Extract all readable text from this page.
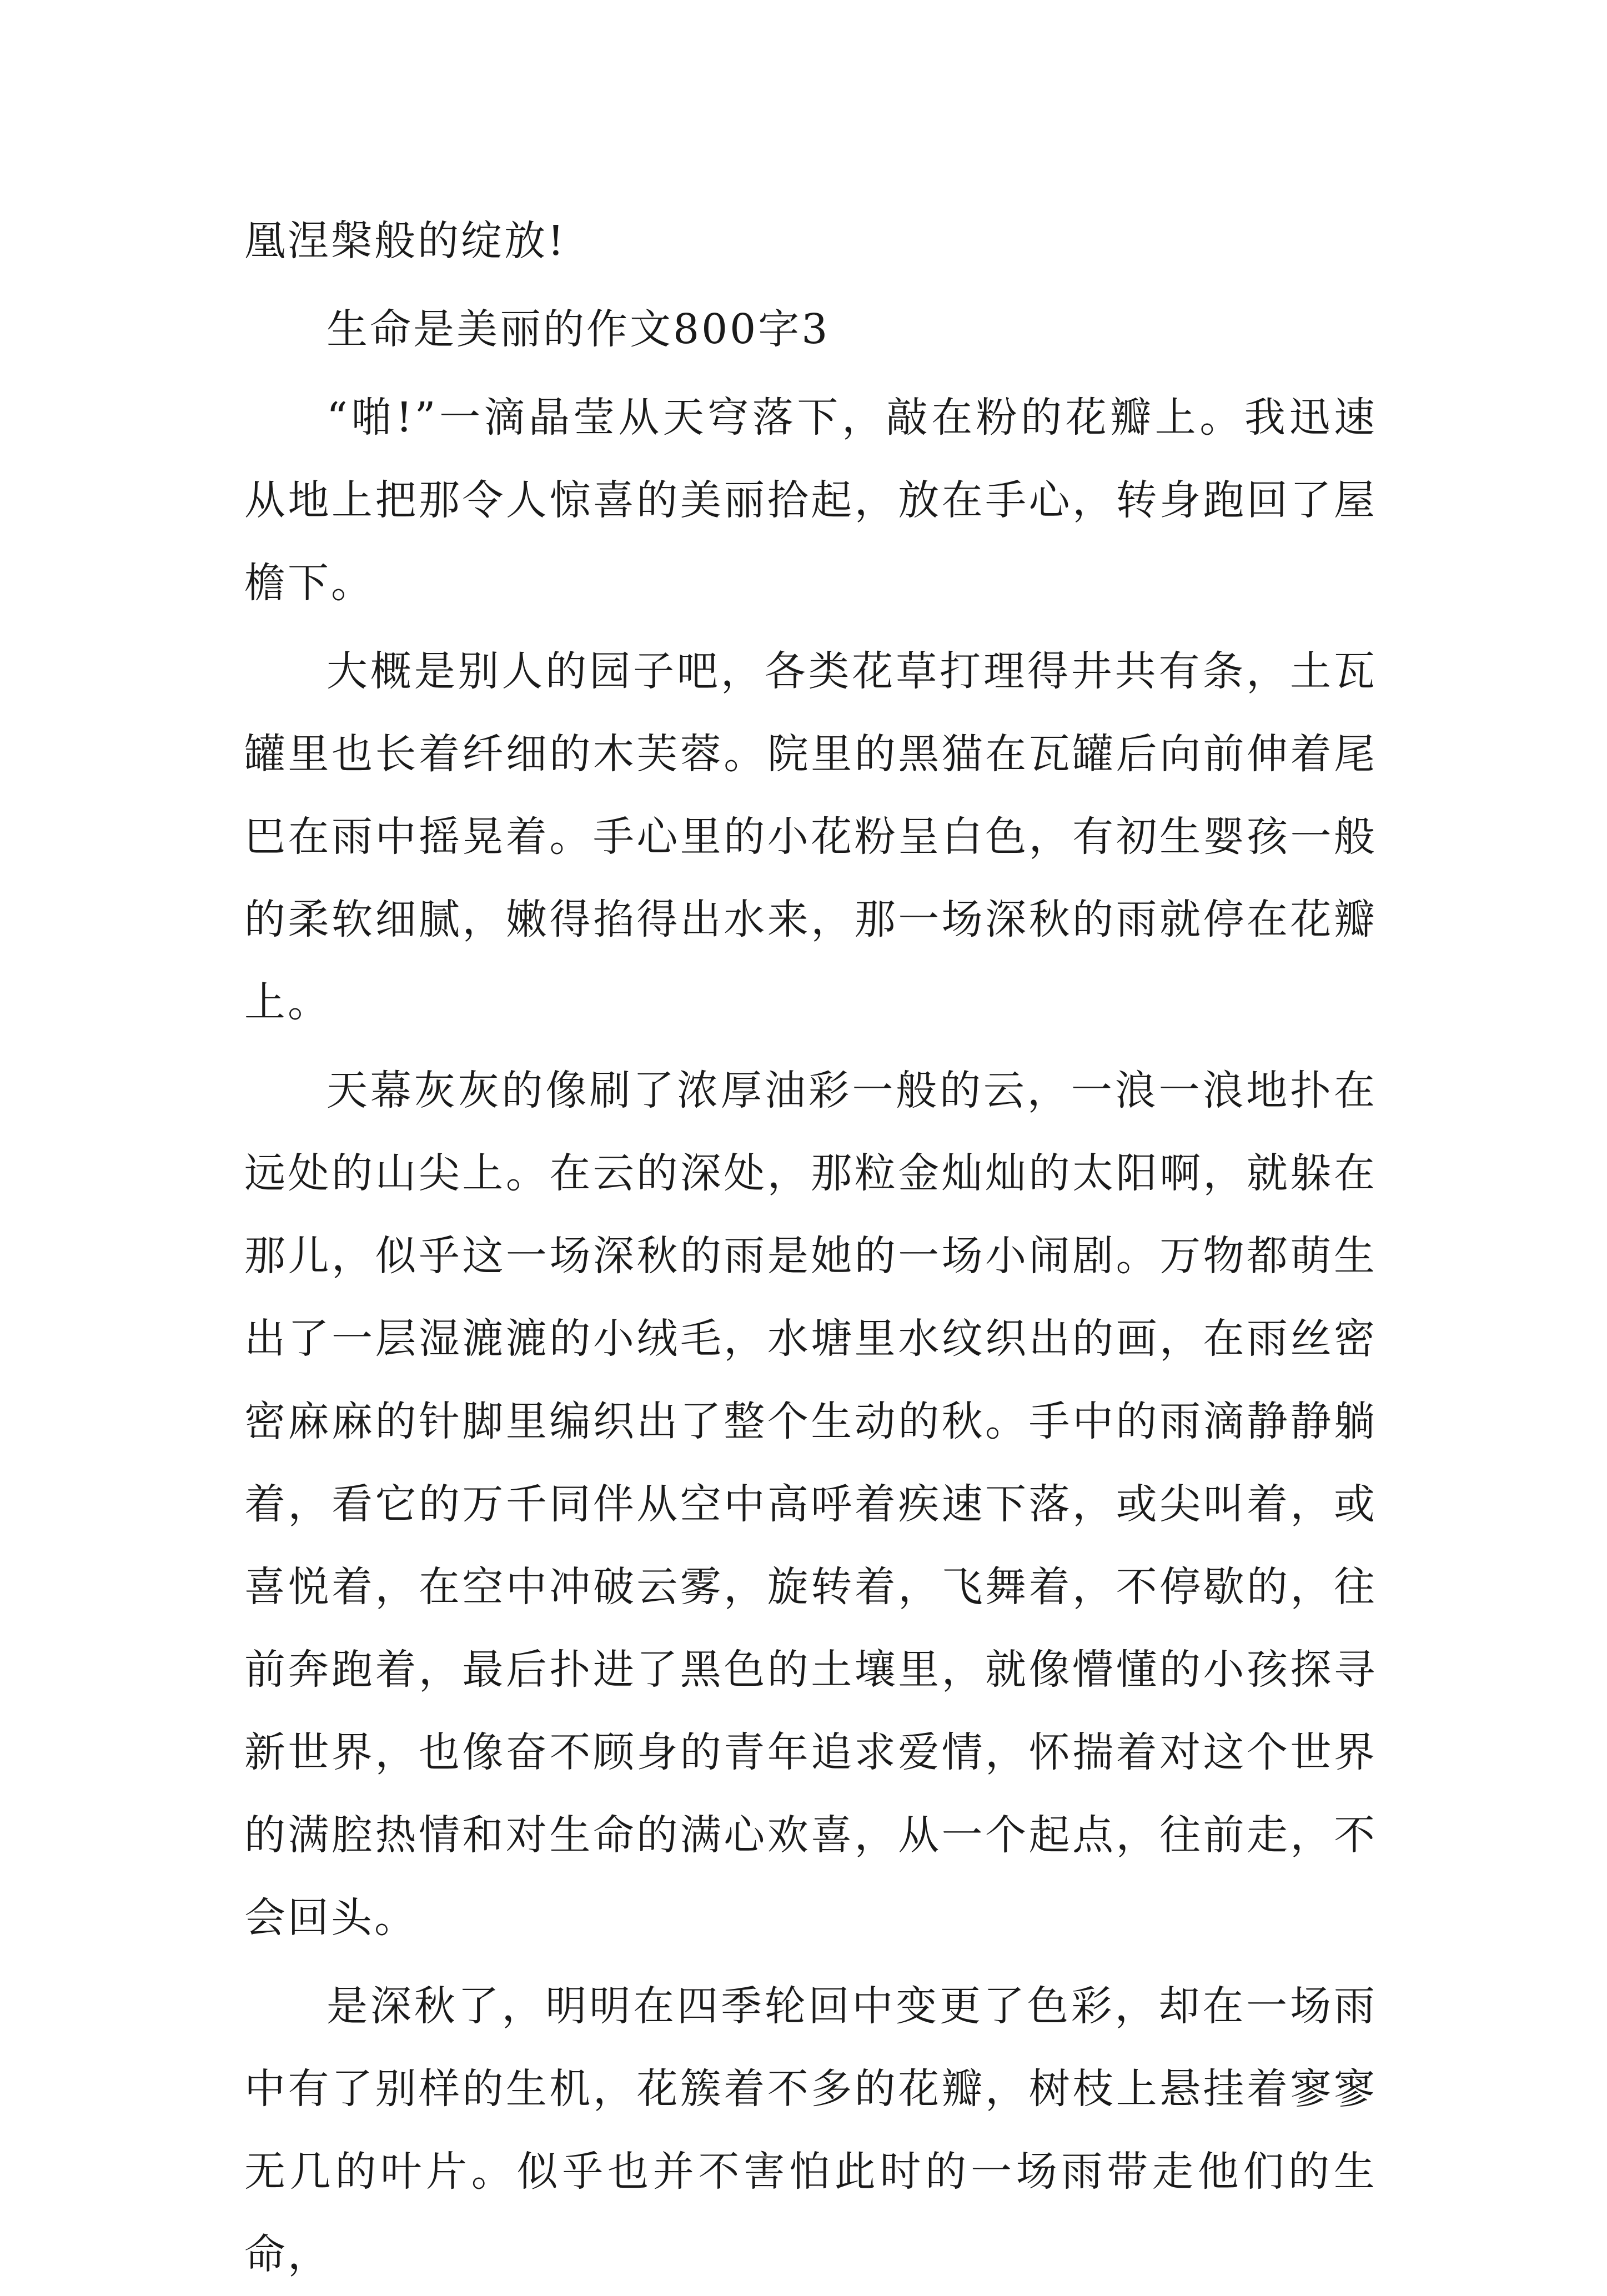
凰涅槃般的绽放!

生命是美丽的作文800字3

“啪!”一滴晶莹从天穹落下，敲在粉的花瓣上。我迅速从地上把那令人惊喜的美丽拾起，放在手心，转身跑回了屋檐下。

大概是别人的园子吧，各类花草打理得井共有条，土瓦罐里也长着纤细的木芙蓉。院里的黑猫在瓦罐后向前伸着尾巴在雨中摇晃着。手心里的小花粉呈白色，有初生婴孩一般的柔软细腻，嫩得掐得出水来，那一场深秋的雨就停在花瓣上。

天幕灰灰的像刷了浓厚油彩一般的云，一浪一浪地扑在远处的山尖上。在云的深处，那粒金灿灿的太阳啊，就躲在那儿，似乎这一场深秋的雨是她的一场小闹剧。万物都萌生出了一层湿漉漉的小绒毛，水塘里水纹织出的画，在雨丝密密麻麻的针脚里编织出了整个生动的秋。手中的雨滴静静躺着，看它的万千同伴从空中高呼着疾速下落，或尖叫着，或喜悦着，在空中冲破云雾，旋转着，飞舞着，不停歇的，往前奔跑着，最后扑进了黑色的土壤里，就像懵懂的小孩探寻新世界，也像奋不顾身的青年追求爱情，怀揣着对这个世界的满腔热情和对生命的满心欢喜，从一个起点，往前走，不会回头。

是深秋了，明明在四季轮回中变更了色彩，却在一场雨中有了别样的生机，花簇着不多的花瓣，树枝上悬挂着寥寥无几的叶片。似乎也并不害怕此时的一场雨带走他们的生命，
